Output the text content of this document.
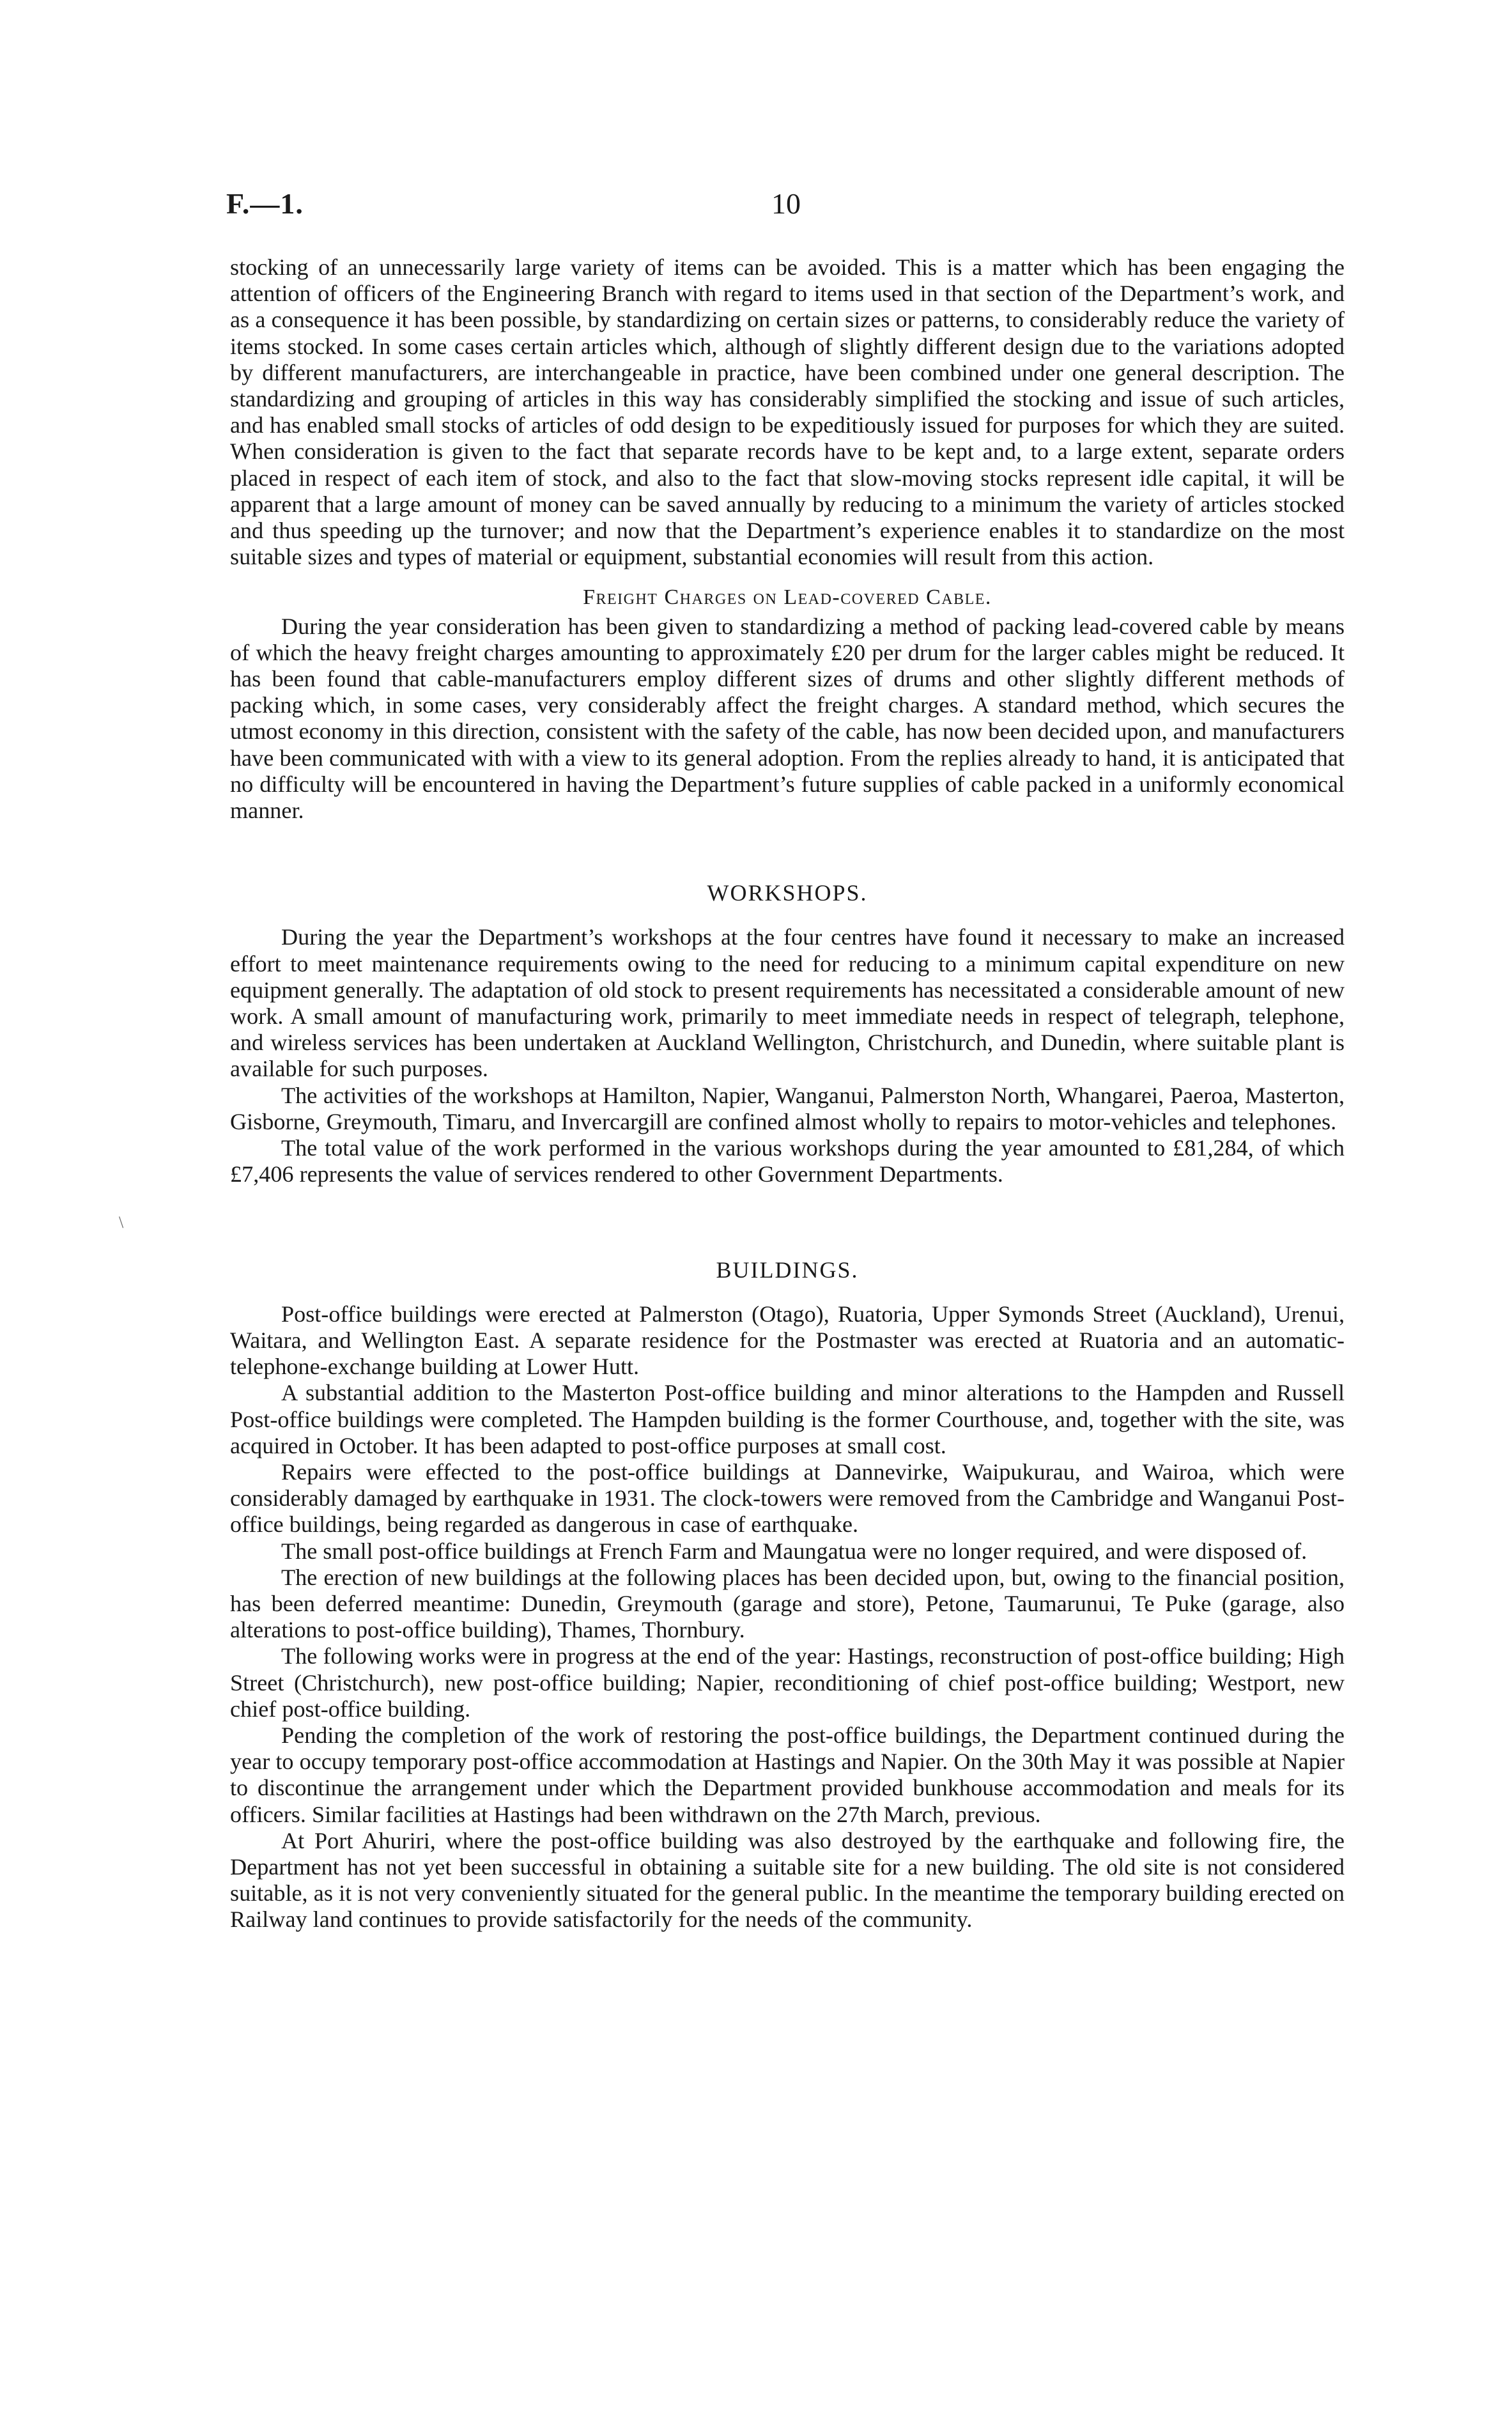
F.—1.	10
\

stocking of an unnecessarily large variety of items can be avoided. This is a matter which has been engaging the attention of officers of the Engineering Branch with regard to items used in that section of the Department’s work, and as a consequence it has been possible, by standardizing on certain sizes or patterns, to considerably reduce the variety of items stocked. In some cases certain articles which, although of slightly different design due to the variations adopted by different manufacturers, are interchangeable in practice, have been combined under one general description. The standardizing and grouping of articles in this way has considerably simplified the stocking and issue of such articles, and has enabled small stocks of articles of odd design to be expeditiously issued for purposes for which they are suited. When consideration is given to the fact that separate records have to be kept and, to a large extent, separate orders placed in respect of each item of stock, and also to the fact that slow-moving stocks represent idle capital, it will be apparent that a large amount of money can be saved annually by reducing to a minimum the variety of articles stocked and thus speeding up the turnover; and now that the Department’s experience enables it to standardize on the most suitable sizes and types of material or equipment, substantial economies will result from this action.

Freight Charges on Lead-covered Cable.

During the year consideration has been given to standardizing a method of packing lead-covered cable by means of which the heavy freight charges amounting to approximately £20 per drum for the larger cables might be reduced. It has been found that cable-manufacturers employ different sizes of drums and other slightly different methods of packing which, in some cases, very considerably affect the freight charges. A standard method, which secures the utmost economy in this direction, consistent with the safety of the cable, has now been decided upon, and manufacturers have been communicated with with a view to its general adoption. From the replies already to hand, it is anticipated that no difficulty will be encountered in having the Department’s future supplies of cable packed in a uniformly economical manner.

WORKSHOPS.

During the year the Department’s workshops at the four centres have found it necessary to make an increased effort to meet maintenance requirements owing to the need for reducing to a minimum capital expenditure on new equipment generally. The adaptation of old stock to present requirements has necessitated a considerable amount of new work. A small amount of manufacturing work, primarily to meet immediate needs in respect of telegraph, telephone, and wireless services has been undertaken at Auckland Wellington, Christchurch, and Dunedin, where suitable plant is available for such purposes.

The activities of the workshops at Hamilton, Napier, Wanganui, Palmerston North, Whangarei, Paeroa, Masterton, Gisborne, Greymouth, Timaru, and Invercargill are confined almost wholly to repairs to motor-vehicles and telephones.

The total value of the work performed in the various workshops during the year amounted to £81,284, of which £7,406 represents the value of services rendered to other Government Departments.

BUILDINGS.

Post-office buildings were erected at Palmerston (Otago), Ruatoria, Upper Symonds Street (Auckland), Urenui, Waitara, and Wellington East. A separate residence for the Postmaster was erected at Ruatoria and an automatic-telephone-exchange building at Lower Hutt.

A substantial addition to the Masterton Post-office building and minor alterations to the Hampden and Russell Post-office buildings were completed. The Hampden building is the former Courthouse, and, together with the site, was acquired in October. It has been adapted to post-office purposes at small cost.

Repairs were effected to the post-office buildings at Dannevirke, Waipukurau, and Wairoa, which were considerably damaged by earthquake in 1931. The clock-towers were removed from the Cambridge and Wanganui Post-office buildings, being regarded as dangerous in case of earthquake.

The small post-office buildings at French Farm and Maungatua were no longer required, and were disposed of.

The erection of new buildings at the following places has been decided upon, but, owing to the financial position, has been deferred meantime: Dunedin, Greymouth (garage and store), Petone, Taumarunui, Te Puke (garage, also alterations to post-office building), Thames, Thornbury.

The following works were in progress at the end of the year: Hastings, reconstruction of post-office building; High Street (Christchurch), new post-office building; Napier, reconditioning of chief post-office building; Westport, new chief post-office building.

Pending the completion of the work of restoring the post-office buildings, the Department continued during the year to occupy temporary post-office accommodation at Hastings and Napier. On the 30th May it was possible at Napier to discontinue the arrangement under which the Department provided bunkhouse accommodation and meals for its officers. Similar facilities at Hastings had been withdrawn on the 27th March, previous.

At Port Ahuriri, where the post-office building was also destroyed by the earthquake and following fire, the Department has not yet been successful in obtaining a suitable site for a new building. The old site is not considered suitable, as it is not very conveniently situated for the general public. In the meantime the temporary building erected on Railway land continues to provide satisfactorily for the needs of the community.
